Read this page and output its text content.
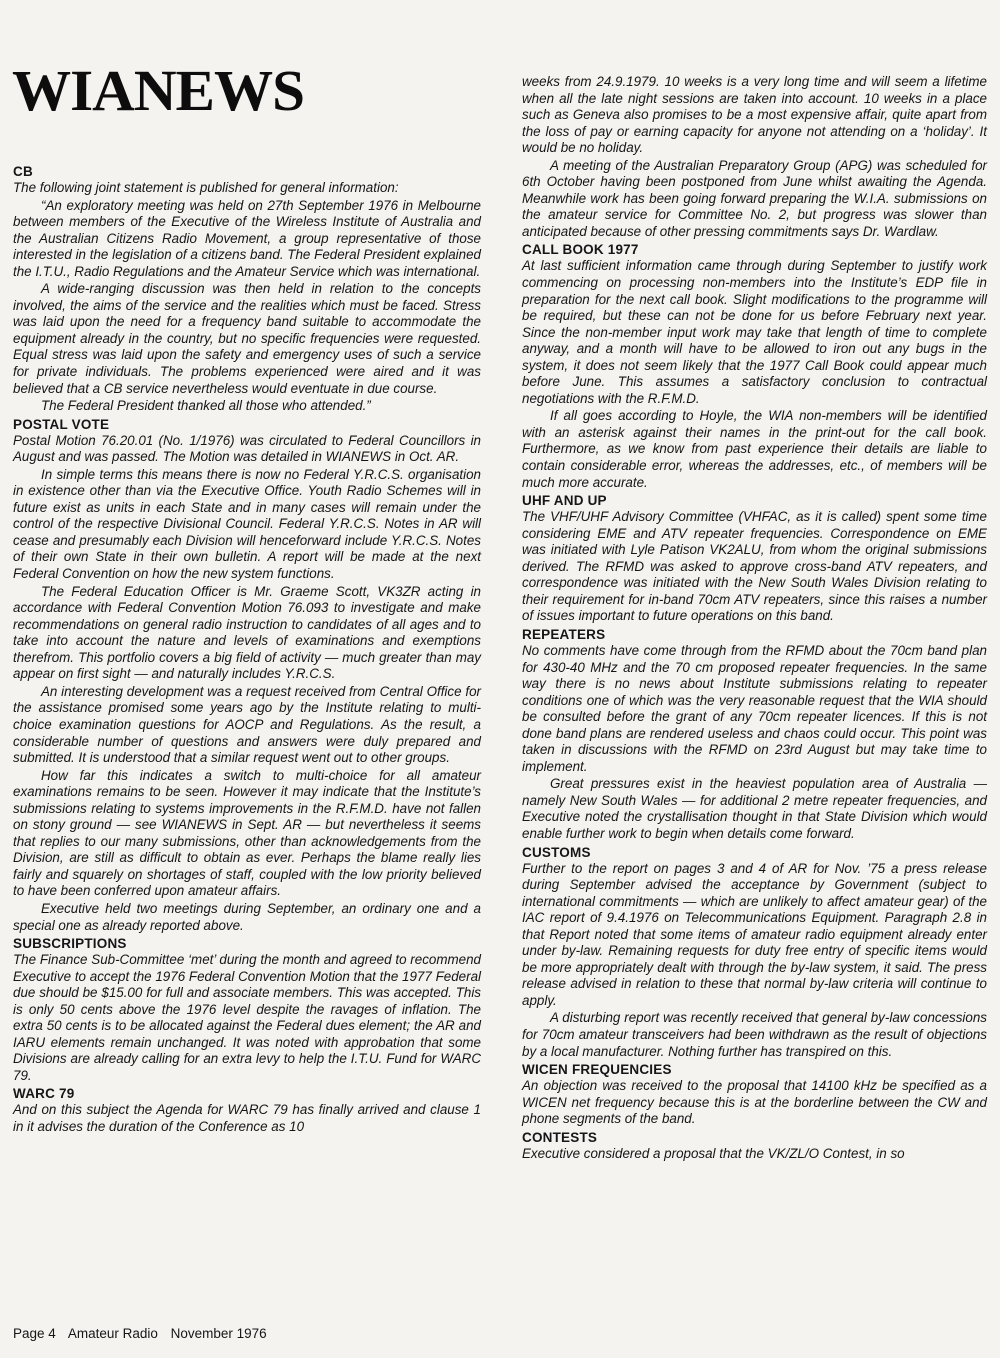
WIANEWS
CB

The following joint statement is published for general information:

“An exploratory meeting was held on 27th September 1976 in Melbourne between members of the Executive of the Wireless Institute of Australia and the Australian Citizens Radio Movement, a group representative of those interested in the legislation of a citizens band. The Federal President explained the I.T.U., Radio Regulations and the Amateur Service which was international.

A wide-ranging discussion was then held in relation to the concepts involved, the aims of the service and the realities which must be faced. Stress was laid upon the need for a frequency band suitable to accommodate the equipment already in the country, but no specific frequencies were requested. Equal stress was laid upon the safety and emergency uses of such a service for private individuals. The problems experienced were aired and it was believed that a CB service nevertheless would eventuate in due course.

The Federal President thanked all those who attended.”

POSTAL VOTE

Postal Motion 76.20.01 (No. 1/1976) was circulated to Federal Councillors in August and was passed. The Motion was detailed in WIANEWS in Oct. AR.

In simple terms this means there is now no Federal Y.R.C.S. organisation in existence other than via the Executive Office. Youth Radio Schemes will in future exist as units in each State and in many cases will remain under the control of the respective Divisional Council. Federal Y.R.C.S. Notes in AR will cease and presumably each Division will henceforward include Y.R.C.S. Notes of their own State in their own bulletin. A report will be made at the next Federal Convention on how the new system functions.

The Federal Education Officer is Mr. Graeme Scott, VK3ZR acting in accordance with Federal Convention Motion 76.093 to investigate and make recommendations on general radio instruction to candidates of all ages and to take into account the nature and levels of examinations and exemptions therefrom. This portfolio covers a big field of activity — much greater than may appear on first sight — and naturally includes Y.R.C.S.

An interesting development was a request received from Central Office for the assistance promised some years ago by the Institute relating to multi-choice examination questions for AOCP and Regulations. As the result, a considerable number of questions and answers were duly prepared and submitted. It is understood that a similar request went out to other groups.

How far this indicates a switch to multi-choice for all amateur examinations remains to be seen. However it may indicate that the Institute’s submissions relating to systems improvements in the R.F.M.D. have not fallen on stony ground — see WIANEWS in Sept. AR — but nevertheless it seems that replies to our many submissions, other than acknowledgements from the Division, are still as difficult to obtain as ever. Perhaps the blame really lies fairly and squarely on shortages of staff, coupled with the low priority believed to have been conferred upon amateur affairs.

Executive held two meetings during September, an ordinary one and a special one as already reported above.

SUBSCRIPTIONS

The Finance Sub-Committee ‘met’ during the month and agreed to recommend Executive to accept the 1976 Federal Convention Motion that the 1977 Federal due should be $15.00 for full and associate members. This was accepted. This is only 50 cents above the 1976 level despite the ravages of inflation. The extra 50 cents is to be allocated against the Federal dues element; the AR and IARU elements remain unchanged. It was noted with approbation that some Divisions are already calling for an extra levy to help the I.T.U. Fund for WARC 79.

WARC 79

And on this subject the Agenda for WARC 79 has finally arrived and clause 1 in it advises the duration of the Conference as 10

weeks from 24.9.1979. 10 weeks is a very long time and will seem a lifetime when all the late night sessions are taken into account. 10 weeks in a place such as Geneva also promises to be a most expensive affair, quite apart from the loss of pay or earning capacity for anyone not attending on a ‘holiday’. It would be no holiday.

A meeting of the Australian Preparatory Group (APG) was scheduled for 6th October having been postponed from June whilst awaiting the Agenda. Meanwhile work has been going forward preparing the W.I.A. submissions on the amateur service for Committee No. 2, but progress was slower than anticipated because of other pressing commitments says Dr. Wardlaw.

CALL BOOK 1977

At last sufficient information came through during September to justify work commencing on processing non-members into the Institute’s EDP file in preparation for the next call book. Slight modifications to the programme will be required, but these can not be done for us before February next year. Since the non-member input work may take that length of time to complete anyway, and a month will have to be allowed to iron out any bugs in the system, it does not seem likely that the 1977 Call Book could appear much before June. This assumes a satisfactory conclusion to contractual negotiations with the R.F.M.D.

If all goes according to Hoyle, the WIA non-members will be identified with an asterisk against their names in the print-out for the call book. Furthermore, as we know from past experience their details are liable to contain considerable error, whereas the addresses, etc., of members will be much more accurate.

UHF AND UP

The VHF/UHF Advisory Committee (VHFAC, as it is called) spent some time considering EME and ATV repeater frequencies. Correspondence on EME was initiated with Lyle Patison VK2ALU, from whom the original submissions derived. The RFMD was asked to approve cross-band ATV repeaters, and correspondence was initiated with the New South Wales Division relating to their requirement for in-band 70cm ATV repeaters, since this raises a number of issues important to future operations on this band.

REPEATERS

No comments have come through from the RFMD about the 70cm band plan for 430-40 MHz and the 70 cm proposed repeater frequencies. In the same way there is no news about Institute submissions relating to repeater conditions one of which was the very reasonable request that the WIA should be consulted before the grant of any 70cm repeater licences. If this is not done band plans are rendered useless and chaos could occur. This point was taken in discussions with the RFMD on 23rd August but may take time to implement.

Great pressures exist in the heaviest population area of Australia — namely New South Wales — for additional 2 metre repeater frequencies, and Executive noted the crystallisation thought in that State Division which would enable further work to begin when details come forward.

CUSTOMS

Further to the report on pages 3 and 4 of AR for Nov. ’75 a press release during September advised the acceptance by Government (subject to international commitments — which are unlikely to affect amateur gear) of the IAC report of 9.4.1976 on Telecommunications Equipment. Paragraph 2.8 in that Report noted that some items of amateur radio equipment already enter under by-law. Remaining requests for duty free entry of specific items would be more appropriately dealt with through the by-law system, it said. The press release advised in relation to these that normal by-law criteria will continue to apply.

A disturbing report was recently received that general by-law concessions for 70cm amateur transceivers had been withdrawn as the result of objections by a local manufacturer. Nothing further has transpired on this.

WICEN FREQUENCIES

An objection was received to the proposal that 14100 kHz be specified as a WICEN net frequency because this is at the borderline between the CW and phone segments of the band.

CONTESTS

Executive considered a proposal that the VK/ZL/O Contest, in so

Page 4 Amateur Radio November 1976
